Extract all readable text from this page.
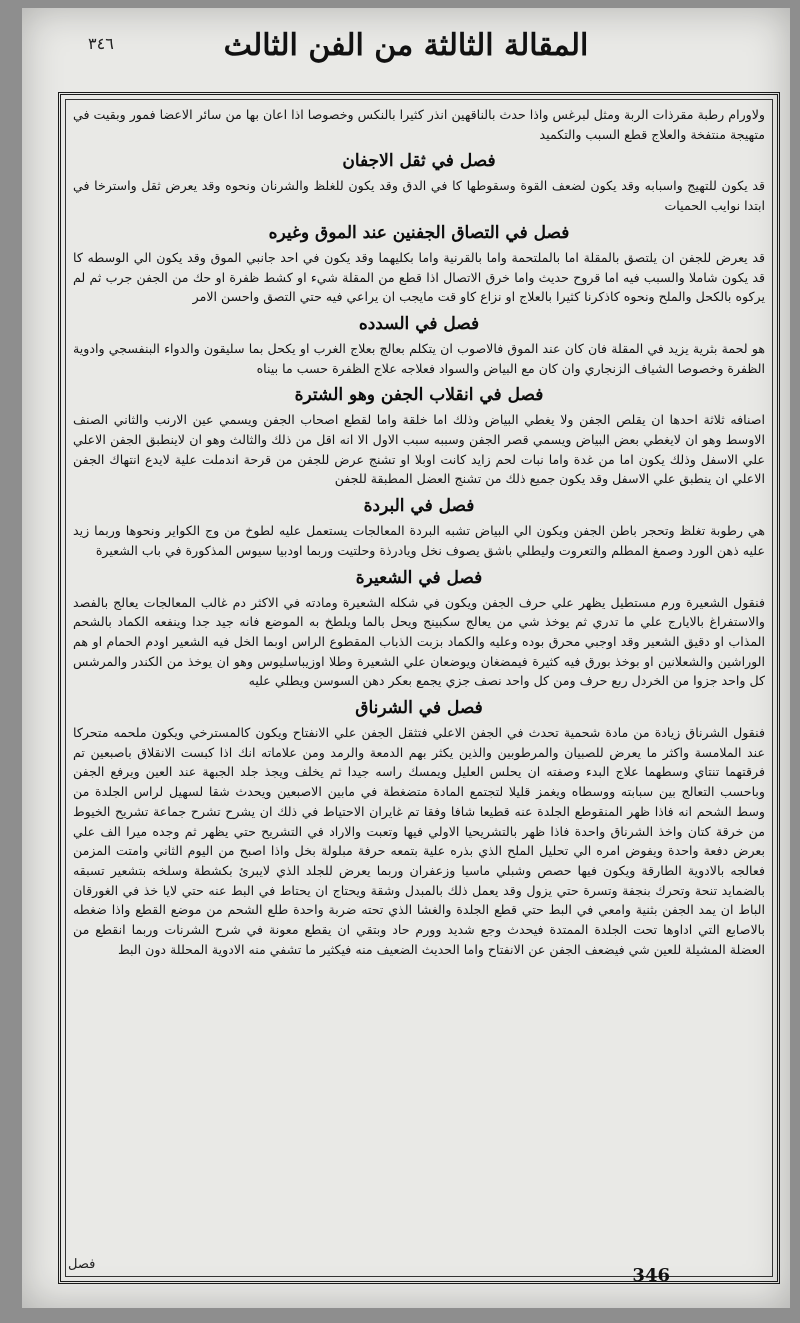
٣٤٦	المقالة الثالثة من الفن الثالث

ولاورام رطبة مقرذات الربة ومثل لبرغس واذا حدث بالناقهين انذر كثيرا بالنكس وخصوصا اذا اعان بها من سائر الاعضا فمور وبقيت في متهيجة منتفخة والعلاج قطع السبب والتكميد

فصل في ثقل الاجفان

قد يكون للتهيج واسبابه وقد يكون لضعف القوة وسقوطها كا في الدق وقد يكون للغلظ والشرنان ونحوه وقد يعرض ثقل واسترخا في ابتدا نوايب الحميات

فصل في التصاق الجفنين عند الموق وغيره

قد يعرض للجفن ان يلتصق بالمقلة اما بالملتحمة واما بالقرنية واما بكليهما وقد يكون في احد جانبي الموق وقد يكون الي الوسطه كا قد يكون شاملا والسبب فيه اما قروح حديث واما خرق الاتصال اذا قطع من المقلة شيء او كشط ظفرة او حك من الجفن جرب ثم لم يركوه بالكحل والملح ونحوه كاذكرنا كثيرا بالعلاج او نزاع كاو قت مايجب ان يراعي فيه حتي التصق واحسن الامر

فصل في السدده

هو لحمة بثرية يزيد في المقلة فان كان عند الموق فالاصوب ان يتكلم بعالج بعلاج الغرب او يكحل بما سليقون والدواء البنفسجي وادوية الظفرة وخصوصا الشياف الزنجاري وان كان مع البياض والسواد فعلاجه علاج الظفرة حسب ما بيناه

فصل في انقلاب الجفن وهو الشترة

اصنافه ثلاثة احدها ان يقلص الجفن ولا يغطي البياض وذلك اما خلقة واما لقطع اصحاب الجفن ويسمي عين الارنب والثاني الصنف الاوسط وهو ان لايغطي بعض البياض ويسمي قصر الجفن وسببه سبب الاول الا انه اقل من ذلك والثالث وهو ان لاينطبق الجفن الاعلي علي الاسفل وذلك يكون اما من غدة واما نبات لحم زايد كانت اوبلا او تشنج عرض للجفن من قرحة اندملت علية لايدع انتهاك الجفن الاعلي ان ينطبق علي الاسفل وقد يكون جميع ذلك من تشنج العضل المطبقة للجفن

فصل في البردة

هي رطوبة تغلظ وتحجر باطن الجفن ويكون الي البياض تشبه البردة المعالجات يستعمل عليه لطوخ من وج الكواير ونحوها وربما زيد عليه ذهن الورد وصمغ المطلم والتعروت وليطلي باشق يصوف نخل ويادرذة وحلتيت وربما اودبيا سيوس المذكورة في باب الشعيرة

فصل في الشعيرة

فنقول الشعيرة ورم مستطيل يظهر علي حرف الجفن ويكون في شكله الشعيرة ومادته في الاكثر دم غالب المعالجات يعالج بالفصد والاستفراغ بالايارج علي ما تدري ثم يوخذ شي من يعالج سكبينج ويحل بالما ويلطخ به الموضع فانه جيد جدا وينفعه الكماد بالشحم المذاب او دقيق الشعير وقد اوجبي محرق بوده وعليه والكماد بزبت الذباب المقطوع الراس اوبما الخل فيه الشعير اودم الحمام او هم الوراشين والشعلانين او بوخذ بورق فيه كثيرة فيمضغان ويوضعان علي الشعيرة وطلا اوزيباسليوس وهو ان يوخذ من الكندر والمرشس كل واحد جزوا من الخردل ربع حرف ومن كل واحد نصف جزي يجمع بعكر دهن السوسن ويطلي عليه

فصل في الشرناق

فنقول الشرناق زيادة من مادة شحمية تحدث في الجفن الاعلي فتثقل الجفن علي الانفتاح ويكون كالمسترخي ويكون ملحمه متحركا عند الملامسة واكثر ما يعرض للصبيان والمرطوبين والذين يكثر بهم الدمعة والرمد ومن علاماته انك اذا كبست الانقلاق باصبعين تم فرقتهما تنتاي وسطهما علاج البدء وصفته ان يحلس العليل ويمسك راسه جيدا ثم يخلف ويجذ جلد الجبهة عند العين ويرفع الجفن وباحسب التعالج بين سبابته ووسطاه ويغمز قليلا لتجتمع المادة متضغطة في مابين الاصبعين ويحدث شقا لسهيل لراس الجلدة من وسط الشحم انه فاذا ظهر المنقوطع الجلدة عنه قطيعا شافا وفقا تم غايران الاحتياط في ذلك ان يشرح تشرح جماعة تشريح الخيوط من خرقة كتان واخذ الشرناق واحدة فاذا ظهر بالتشريحيا الاولي فيها وتعبت والاراد في التشريح حتي يظهر ثم وجده ميرا الف علي بعرض دفعة واحدة ويفوض امره الي تحليل الملح الذي بذره علية بتمعه حرفة مبلولة بخل واذا اصبح من اليوم الثاني وامتت المزمن فعالجه بالادوية الطارقة ويكون فيها حصص وشبلي ماسيا وزعفران وربما يعرض للجلد الذي لايبرئ بكشطة وسلخه بتشعير تسبقه بالضمايد تنحة وتحرك بنجفة وتسرة حتي يزول وقد يعمل ذلك بالمبدل وشقة ويحتاج ان يحتاط في البط عنه حتي لايا خذ في الغورقان الباط ان يمد الجفن بثنية وامعي في البط حتي قطع الجلدة والغشا الذي تحته ضربة واحدة طلع الشحم من موضع القطع واذا ضغطه بالاصابع التي اداوها تحت الجلدة الممتدة فيحدث وجع شديد وورم حاد وبتقي ان يقطع معونة في شرح الشرنات وربما انقطع من العضلة المشيلة للعين شي فيضعف الجفن عن الانفتاح واما الحديث الضعيف منه فيكثير ما تشفي منه الادوية المحللة دون البط

فصل
346
